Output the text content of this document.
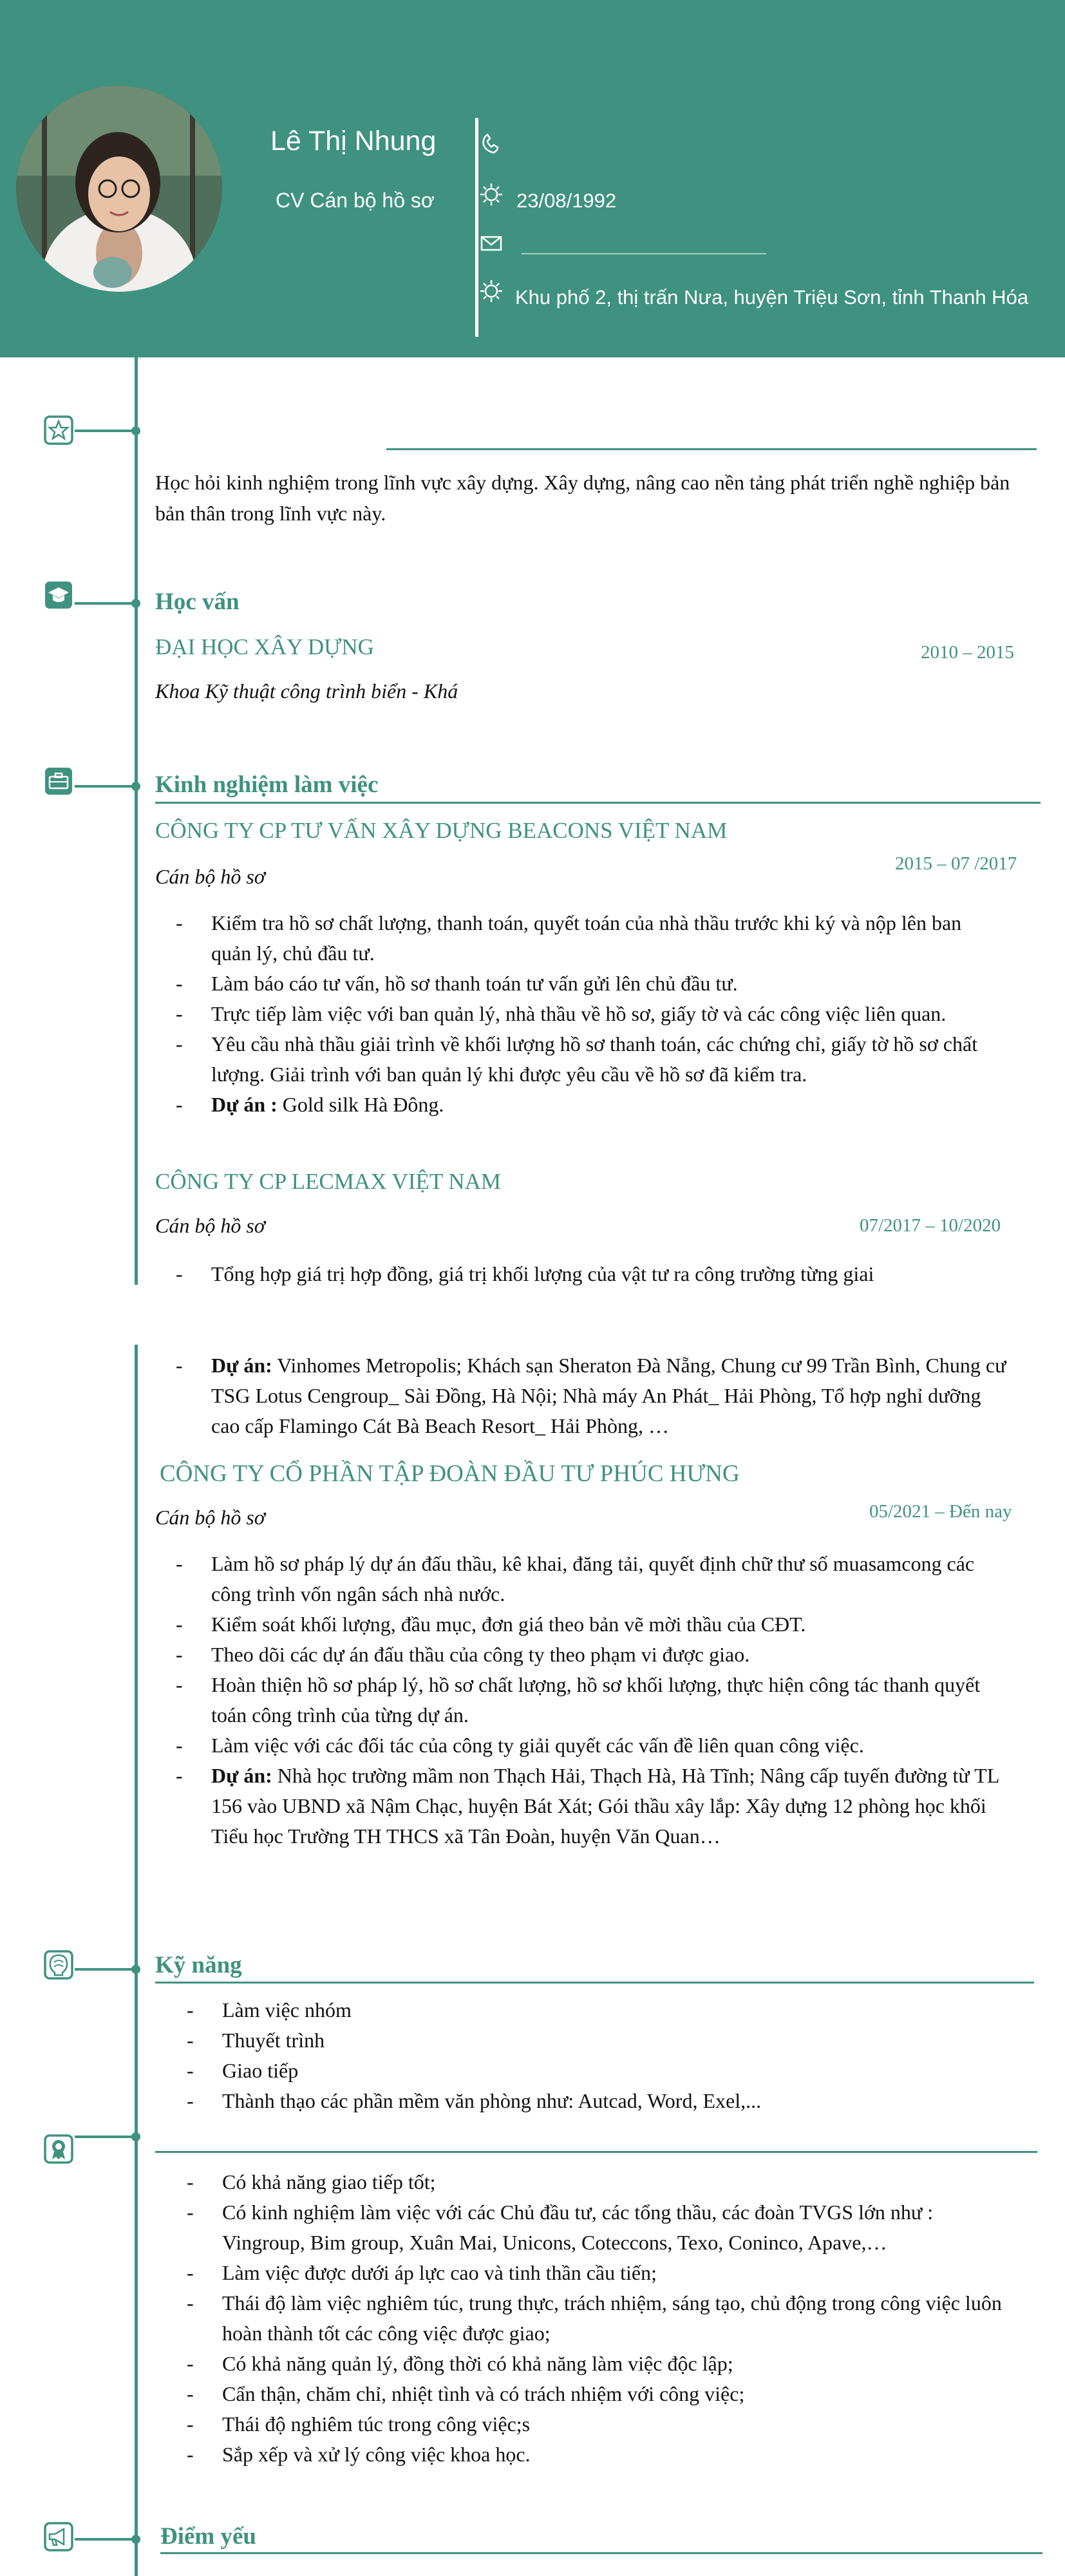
Lê Thị Nhung
CV Cán bộ hồ sơ	23/08/1992
Khu phố 2, thị trấn Nưa, huyện Triệu Sơn, tỉnh Thanh Hóa
Học hỏi kinh nghiệm trong lĩnh vực xây dựng. Xây dựng, nâng cao nền tảng phát triển nghề nghiệp bản bản thân trong lĩnh vực này.
Học vấn
ĐẠI HỌC XÂY DỰNG	2010 – 2015
Khoa Kỹ thuật công trình biển - Khá
Kinh nghiệm làm việc
CÔNG TY CP TƯ VẤN XÂY DỰNG BEACONS VIỆT NAM
2015 – 07 /2017
Cán bộ hồ sơ
- Kiểm tra hồ sơ chất lượng, thanh toán, quyết toán của nhà thầu trước khi ký và nộp lên ban quản lý, chủ đầu tư.
- Làm báo cáo tư vấn, hồ sơ thanh toán tư vấn gửi lên chủ đầu tư.
- Trực tiếp làm việc với ban quản lý, nhà thầu về hồ sơ, giấy tờ và các công việc liên quan.
- Yêu cầu nhà thầu giải trình về khối lượng hồ sơ thanh toán, các chứng chỉ, giấy tờ hồ sơ chất lượng. Giải trình với ban quản lý khi được yêu cầu về hồ sơ đã kiểm tra.
- Dự án : Gold silk Hà Đông.
CÔNG TY CP LECMAX VIỆT NAM
07/2017 – 10/2020
Cán bộ hồ sơ
- Tổng hợp giá trị hợp đồng, giá trị khối lượng của vật tư ra công trường từng giai
- Dự án: Vinhomes Metropolis; Khách sạn Sheraton Đà Nẵng, Chung cư 99 Trần Bình, Chung cư TSG Lotus Cengroup_ Sài Đồng, Hà Nội; Nhà máy An Phát_ Hải Phòng, Tổ hợp nghỉ dưỡng cao cấp Flamingo Cát Bà Beach Resort_ Hải Phòng, …
CÔNG TY CỔ PHẦN TẬP ĐOÀN ĐẦU TƯ PHÚC HƯNG
05/2021 – Đến nay
Cán bộ hồ sơ
- Làm hồ sơ pháp lý dự án đấu thầu, kê khai, đăng tải, quyết định chữ thư số muasamcong các công trình vốn ngân sách nhà nước.
- Kiểm soát khối lượng, đầu mục, đơn giá theo bản vẽ mời thầu của CĐT.
- Theo dõi các dự án đấu thầu của công ty theo phạm vi được giao.
- Hoàn thiện hồ sơ pháp lý, hồ sơ chất lượng, hồ sơ khối lượng, thực hiện công tác thanh quyết toán công trình của từng dự án.
- Làm việc với các đối tác của công ty giải quyết các vấn đề liên quan công việc.
- Dự án: Nhà học trường mầm non Thạch Hải, Thạch Hà, Hà Tĩnh; Nâng cấp tuyến đường từ TL 156 vào UBND xã Nậm Chạc, huyện Bát Xát; Gói thầu xây lắp: Xây dựng 12 phòng học khối Tiểu học Trường TH THCS xã Tân Đoàn, huyện Văn Quan…
Kỹ năng
- Làm việc nhóm
- Thuyết trình
- Giao tiếp
- Thành thạo các phần mềm văn phòng như: Autcad, Word, Exel,...
- Có khả năng giao tiếp tốt;
- Có kinh nghiệm làm việc với các Chủ đầu tư, các tổng thầu, các đoàn TVGS lớn như : Vingroup, Bim group, Xuân Mai, Unicons, Coteccons, Texo, Coninco, Apave,…
- Làm việc được dưới áp lực cao và tinh thần cầu tiến;
- Thái độ làm việc nghiêm túc, trung thực, trách nhiệm, sáng tạo, chủ động trong công việc luôn hoàn thành tốt các công việc được giao;
- Có khả năng quản lý, đồng thời có khả năng làm việc độc lập;
- Cẩn thận, chăm chỉ, nhiệt tình và có trách nhiệm với công việc;
- Thái độ nghiêm túc trong công việc;s
- Sắp xếp và xử lý công việc khoa học.
Điểm yếu
